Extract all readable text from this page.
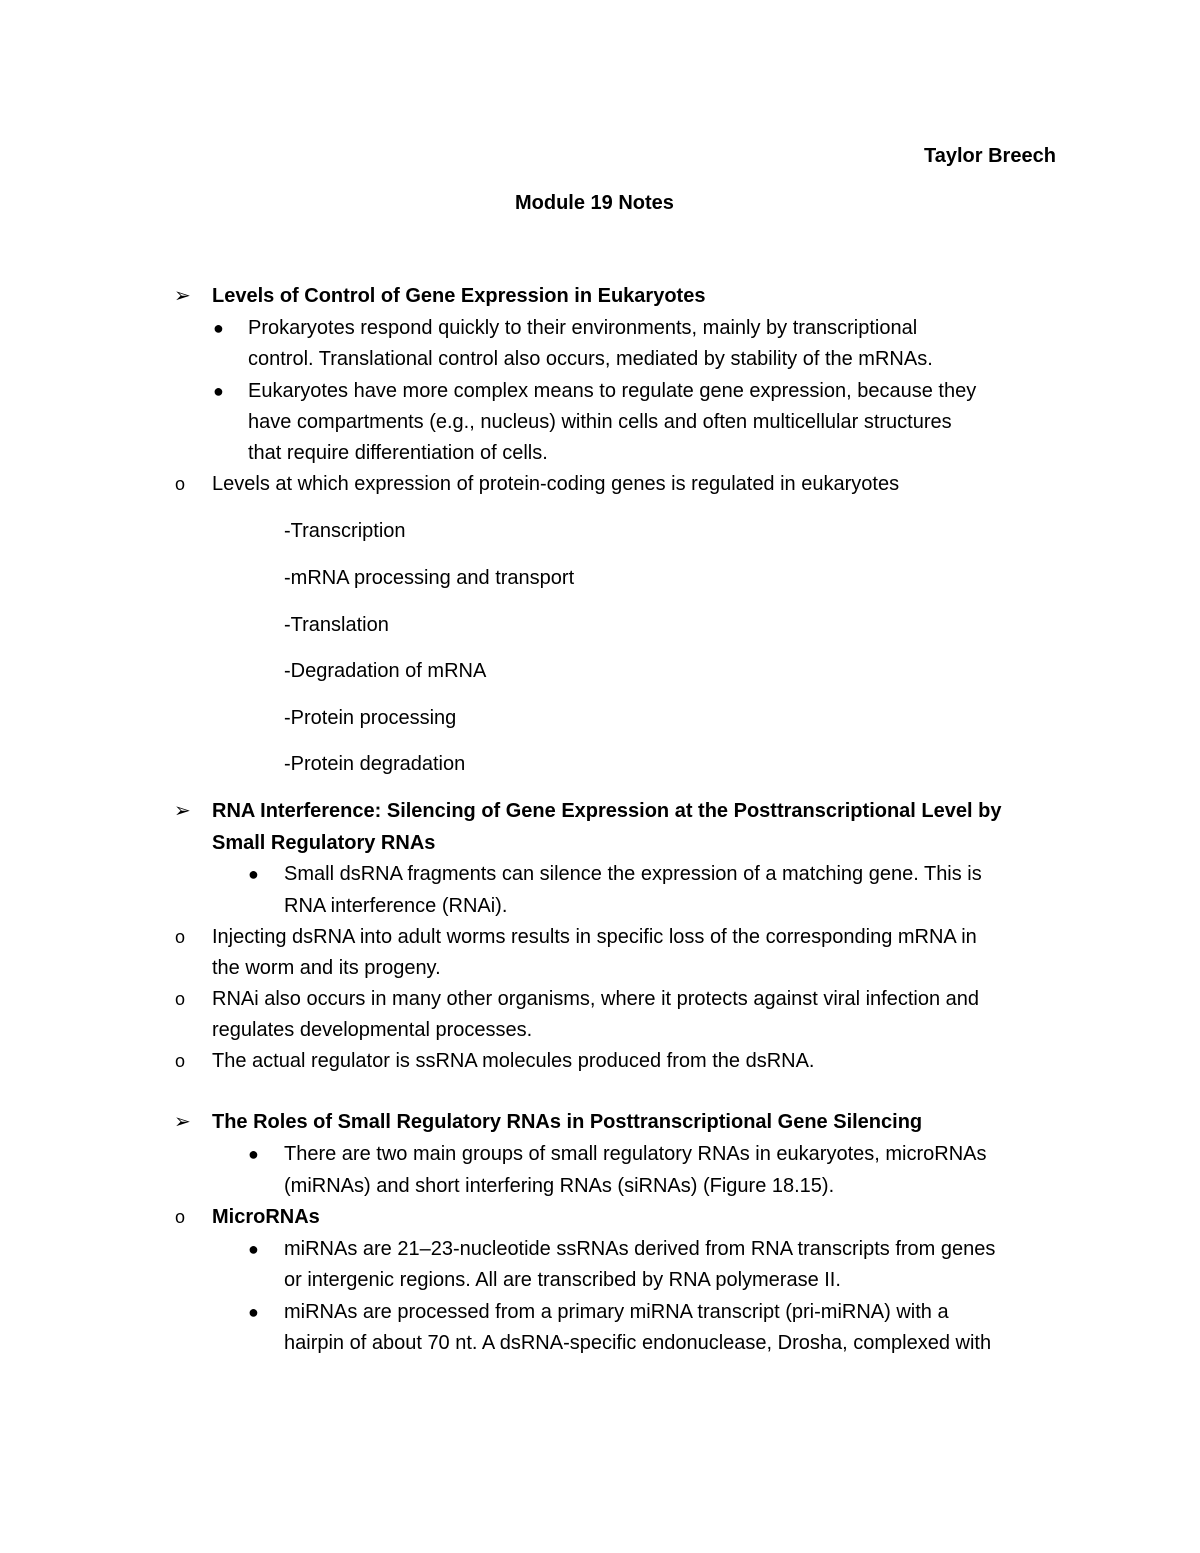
Taylor Breech
Module 19 Notes
➢ Levels of Control of Gene Expression in Eukaryotes
● Prokaryotes respond quickly to their environments, mainly by transcriptional
control. Translational control also occurs, mediated by stability of the mRNAs.
● Eukaryotes have more complex means to regulate gene expression, because they
have compartments (e.g., nucleus) within cells and often multicellular structures
that require differentiation of cells.
o Levels at which expression of protein-coding genes is regulated in eukaryotes
-Transcription
-mRNA processing and transport
-Translation
-Degradation of mRNA
-Protein processing
-Protein degradation
➢ RNA Interference: Silencing of Gene Expression at the Posttranscriptional Level by
Small Regulatory RNAs
● Small dsRNA fragments can silence the expression of a matching gene. This is
RNA interference (RNAi).
o Injecting dsRNA into adult worms results in specific loss of the corresponding mRNA in
the worm and its progeny.
o RNAi also occurs in many other organisms, where it protects against viral infection and
regulates developmental processes.
o The actual regulator is ssRNA molecules produced from the dsRNA.
➢ The Roles of Small Regulatory RNAs in Posttranscriptional Gene Silencing
● There are two main groups of small regulatory RNAs in eukaryotes, microRNAs
(miRNAs) and short interfering RNAs (siRNAs) (Figure 18.15).
o MicroRNAs
● miRNAs are 21–23-nucleotide ssRNAs derived from RNA transcripts from genes
or intergenic regions. All are transcribed by RNA polymerase II.
● miRNAs are processed from a primary miRNA transcript (pri-miRNA) with a
hairpin of about 70 nt. A dsRNA-specific endonuclease, Drosha, complexed with
